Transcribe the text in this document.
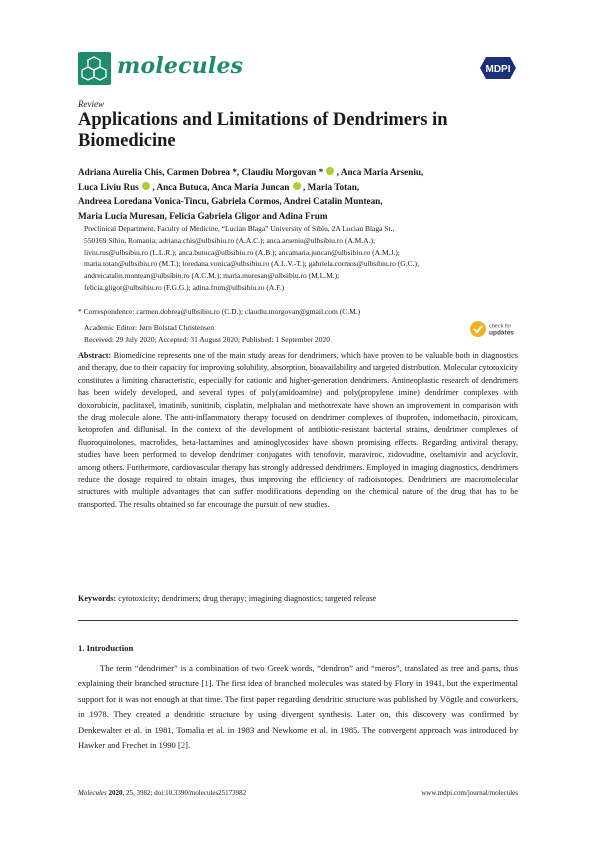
molecules	MDPI
Review
Applications and Limitations of Dendrimers in Biomedicine
Adriana Aurelia Chis, Carmen Dobrea *, Claudiu Morgovan * , Anca Maria Arseniu,
Luca Liviu Rus , Anca Butuca, Anca Maria Juncan , Maria Totan,
Andreea Loredana Vonica-Tincu, Gabriela Cormos, Andrei Catalin Muntean,
Maria Lucia Muresan, Felicia Gabriela Gligor and Adina Frum
Preclinical Department, Faculty of Medicine, “Lucian Blaga” University of Sibiu, 2A Lucian Blaga St.,
550169 Sibiu, Romania; adriana.chis@ulbsibiu.ro (A.A.C.); anca.arseniu@ulbsibiu.ro (A.M.A.);
liviu.rus@ulbsibiu.ro (L.L.R.); anca.butuca@ulbsibiu.ro (A.B.); ancamaria.juncan@ulbsibiu.ro (A.M.J.);
maria.totan@ulbsibiu.ro (M.T.); loredana.vonica@ulbsibiu.ro (A.L.V.-T.); gabriela.cormos@ulbsibiu.ro (G.C.);
andreicatalin.muntean@ulbsibiu.ro (A.C.M.); maria.muresan@ulbsibiu.ro (M.L.M.);
felicia.gligor@ulbsibiu.ro (F.G.G.); adina.frum@ulbsibiu.ro (A.F.)
* Correspondence: carmen.dobrea@ulbsibiu.ro (C.D.); claudiu.morgovan@gmail.com (C.M.)
Academic Editor: Jørn Bolstad Christensen
Received: 29 July 2020; Accepted: 31 August 2020; Published: 1 September 2020
check for
updates
Abstract: Biomedicine represents one of the main study areas for dendrimers, which have proven to be valuable both in diagnostics and therapy, due to their capacity for improving solubility, absorption, bioavailability and targeted distribution. Molecular cytotoxicity constitutes a limiting characteristic, especially for cationic and higher-generation dendrimers. Antineoplastic research of dendrimers has been widely developed, and several types of poly(amidoamine) and poly(propylene imine) dendrimer complexes with doxorubicin, paclitaxel, imatinib, sunitinib, cisplatin, melphalan and methotrexate have shown an improvement in comparison with the drug molecule alone. The anti-inflammatory therapy focused on dendrimer complexes of ibuprofen, indomethacin, piroxicam, ketoprofen and diflunisal. In the context of the development of antibiotic-resistant bacterial strains, dendrimer complexes of fluoroquinolones, macrolides, beta-lactamines and aminoglycosides have shown promising effects. Regarding antiviral therapy, studies have been performed to develop dendrimer conjugates with tenofovir, maraviroc, zidovudine, oseltamivir and acyclovir, among others. Furthermore, cardiovascular therapy has strongly addressed dendrimers. Employed in imaging diagnostics, dendrimers reduce the dosage required to obtain images, thus improving the efficiency of radioisotopes. Dendrimers are macromolecular structures with multiple advantages that can suffer modifications depending on the chemical nature of the drug that has to be transported. The results obtained so far encourage the pursuit of new studies.
Keywords: cytotoxicity; dendrimers; drug therapy; imagining diagnostics; targeted release
1. Introduction
The term “dendrimer” is a combination of two Greek words, “dendron” and “meros”, translated as tree and parts, thus explaining their branched structure [1]. The first idea of branched molecules was stated by Flory in 1941, but the experimental support for it was not enough at that time. The first paper regarding dendritic structure was published by Vögtle and coworkers, in 1978. They created a dendritic structure by using divergent synthesis. Later on, this discovery was confirmed by Denkewalter et al. in 1981, Tomalia et al. in 1983 and Newkome et al. in 1985. The convergent approach was introduced by Hawker and Frechet in 1990 [2].
Molecules 2020, 25, 3982; doi:10.3390/molecules25173982	www.mdpi.com/journal/molecules
